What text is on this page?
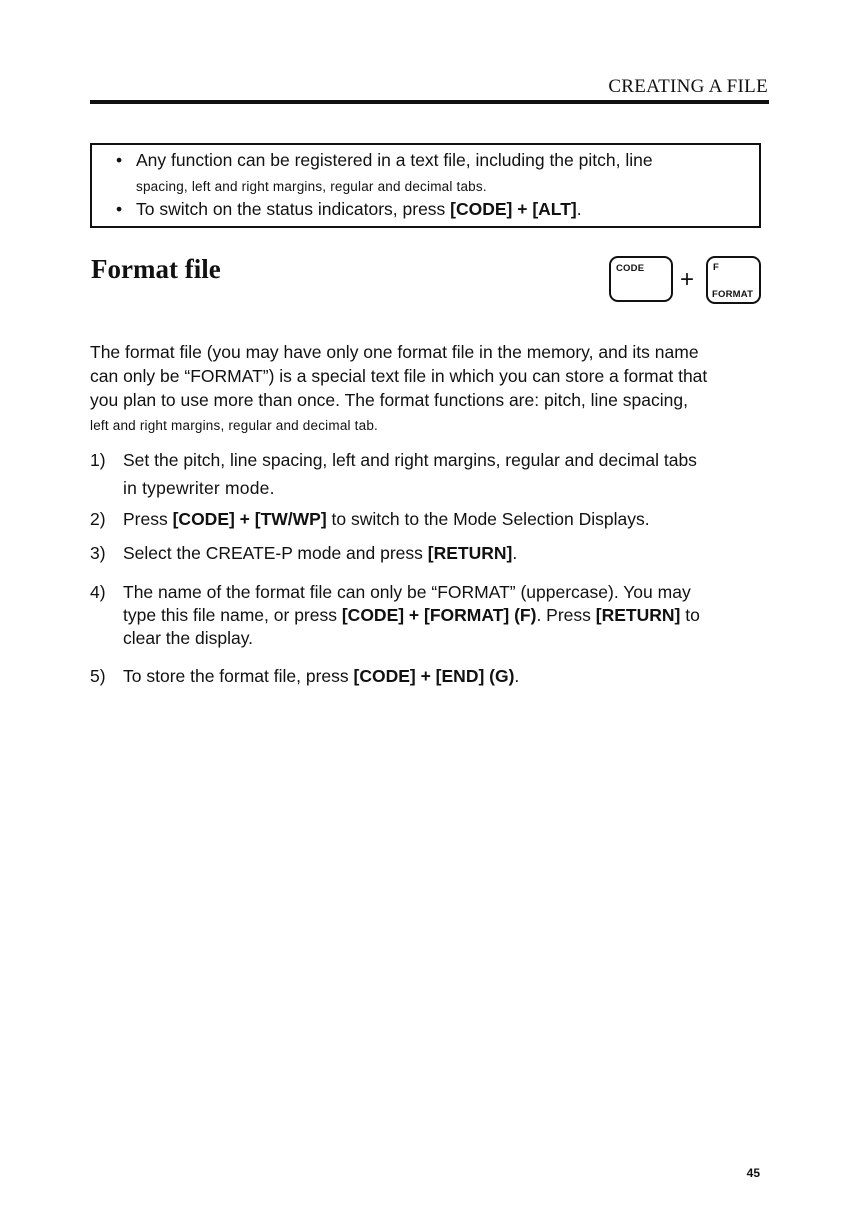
CREATING A FILE
• Any function can be registered in a text file, including the pitch, line
spacing, left and right margins, regular and decimal tabs.
• To switch on the status indicators, press [CODE] + [ALT].
Format file	CODE + F
FORMAT
The format file (you may have only one format file in the memory, and its name
can only be “FORMAT”) is a special text file in which you can store a format that
you plan to use more than once. The format functions are: pitch, line spacing,
left and right margins, regular and decimal tab.
1) Set the pitch, line spacing, left and right margins, regular and decimal tabs
in typewriter mode.
2) Press [CODE] + [TW/WP] to switch to the Mode Selection Displays.
3) Select the CREATE-P mode and press [RETURN].
4) The name of the format file can only be “FORMAT” (uppercase). You may
type this file name, or press [CODE] + [FORMAT] (F). Press [RETURN] to
clear the display.
5) To store the format file, press [CODE] + [END] (G).
45
